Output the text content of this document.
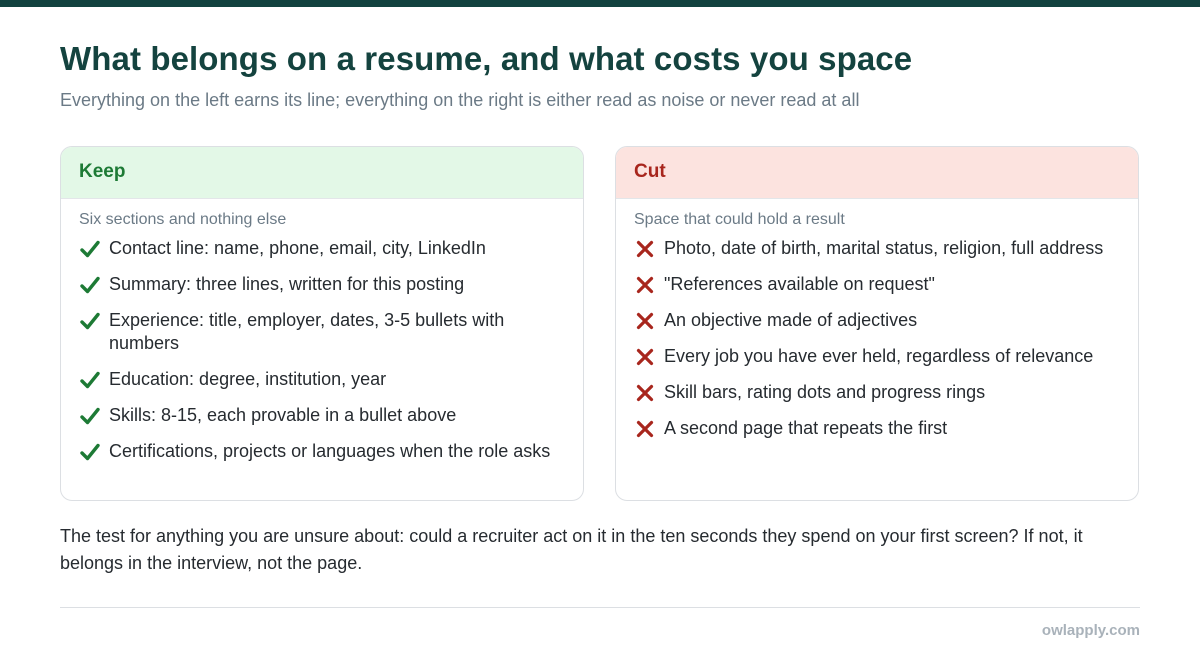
What belongs on a resume, and what costs you space
Everything on the left earns its line; everything on the right is either read as noise or never read at all
Keep
Six sections and nothing else
Contact line: name, phone, email, city, LinkedIn
Summary: three lines, written for this posting
Experience: title, employer, dates, 3-5 bullets with numbers
Education: degree, institution, year
Skills: 8-15, each provable in a bullet above
Certifications, projects or languages when the role asks
Cut
Space that could hold a result
Photo, date of birth, marital status, religion, full address
"References available on request"
An objective made of adjectives
Every job you have ever held, regardless of relevance
Skill bars, rating dots and progress rings
A second page that repeats the first
The test for anything you are unsure about: could a recruiter act on it in the ten seconds they spend on your first screen? If not, it belongs in the interview, not the page.
owlapply.com
